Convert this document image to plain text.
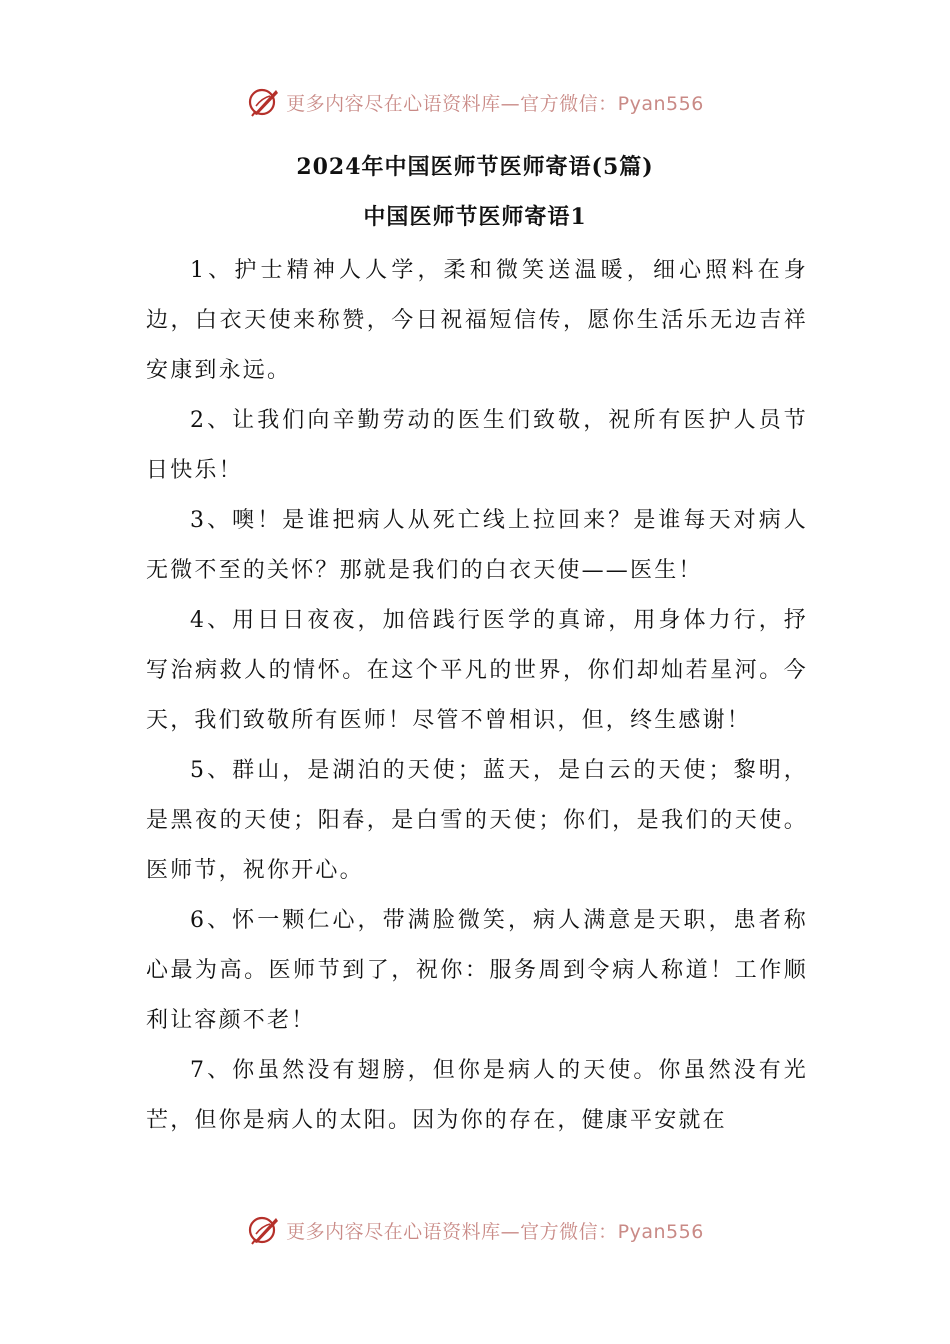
更多内容尽在心语资料库—官方微信：Pyan556
2024年中国医师节医师寄语(5篇)
中国医师节医师寄语1

1、护士精神人人学，柔和微笑送温暖，细心照料在身边，白衣天使来称赞，今日祝福短信传，愿你生活乐无边吉祥安康到永远。

2、让我们向辛勤劳动的医生们致敬，祝所有医护人员节日快乐！

3、噢！是谁把病人从死亡线上拉回来？是谁每天对病人无微不至的关怀？那就是我们的白衣天使——医生！

4、用日日夜夜，加倍践行医学的真谛，用身体力行，抒写治病救人的情怀。在这个平凡的世界，你们却灿若星河。今天，我们致敬所有医师！尽管不曾相识，但，终生感谢！

5、群山，是湖泊的天使；蓝天，是白云的天使；黎明，是黑夜的天使；阳春，是白雪的天使；你们，是我们的天使。医师节，祝你开心。

6、怀一颗仁心，带满脸微笑，病人满意是天职，患者称心最为高。医师节到了，祝你：服务周到令病人称道！工作顺利让容颜不老！

7、你虽然没有翅膀，但你是病人的天使。你虽然没有光芒，但你是病人的太阳。因为你的存在，健康平安就在

更多内容尽在心语资料库—官方微信：Pyan556
